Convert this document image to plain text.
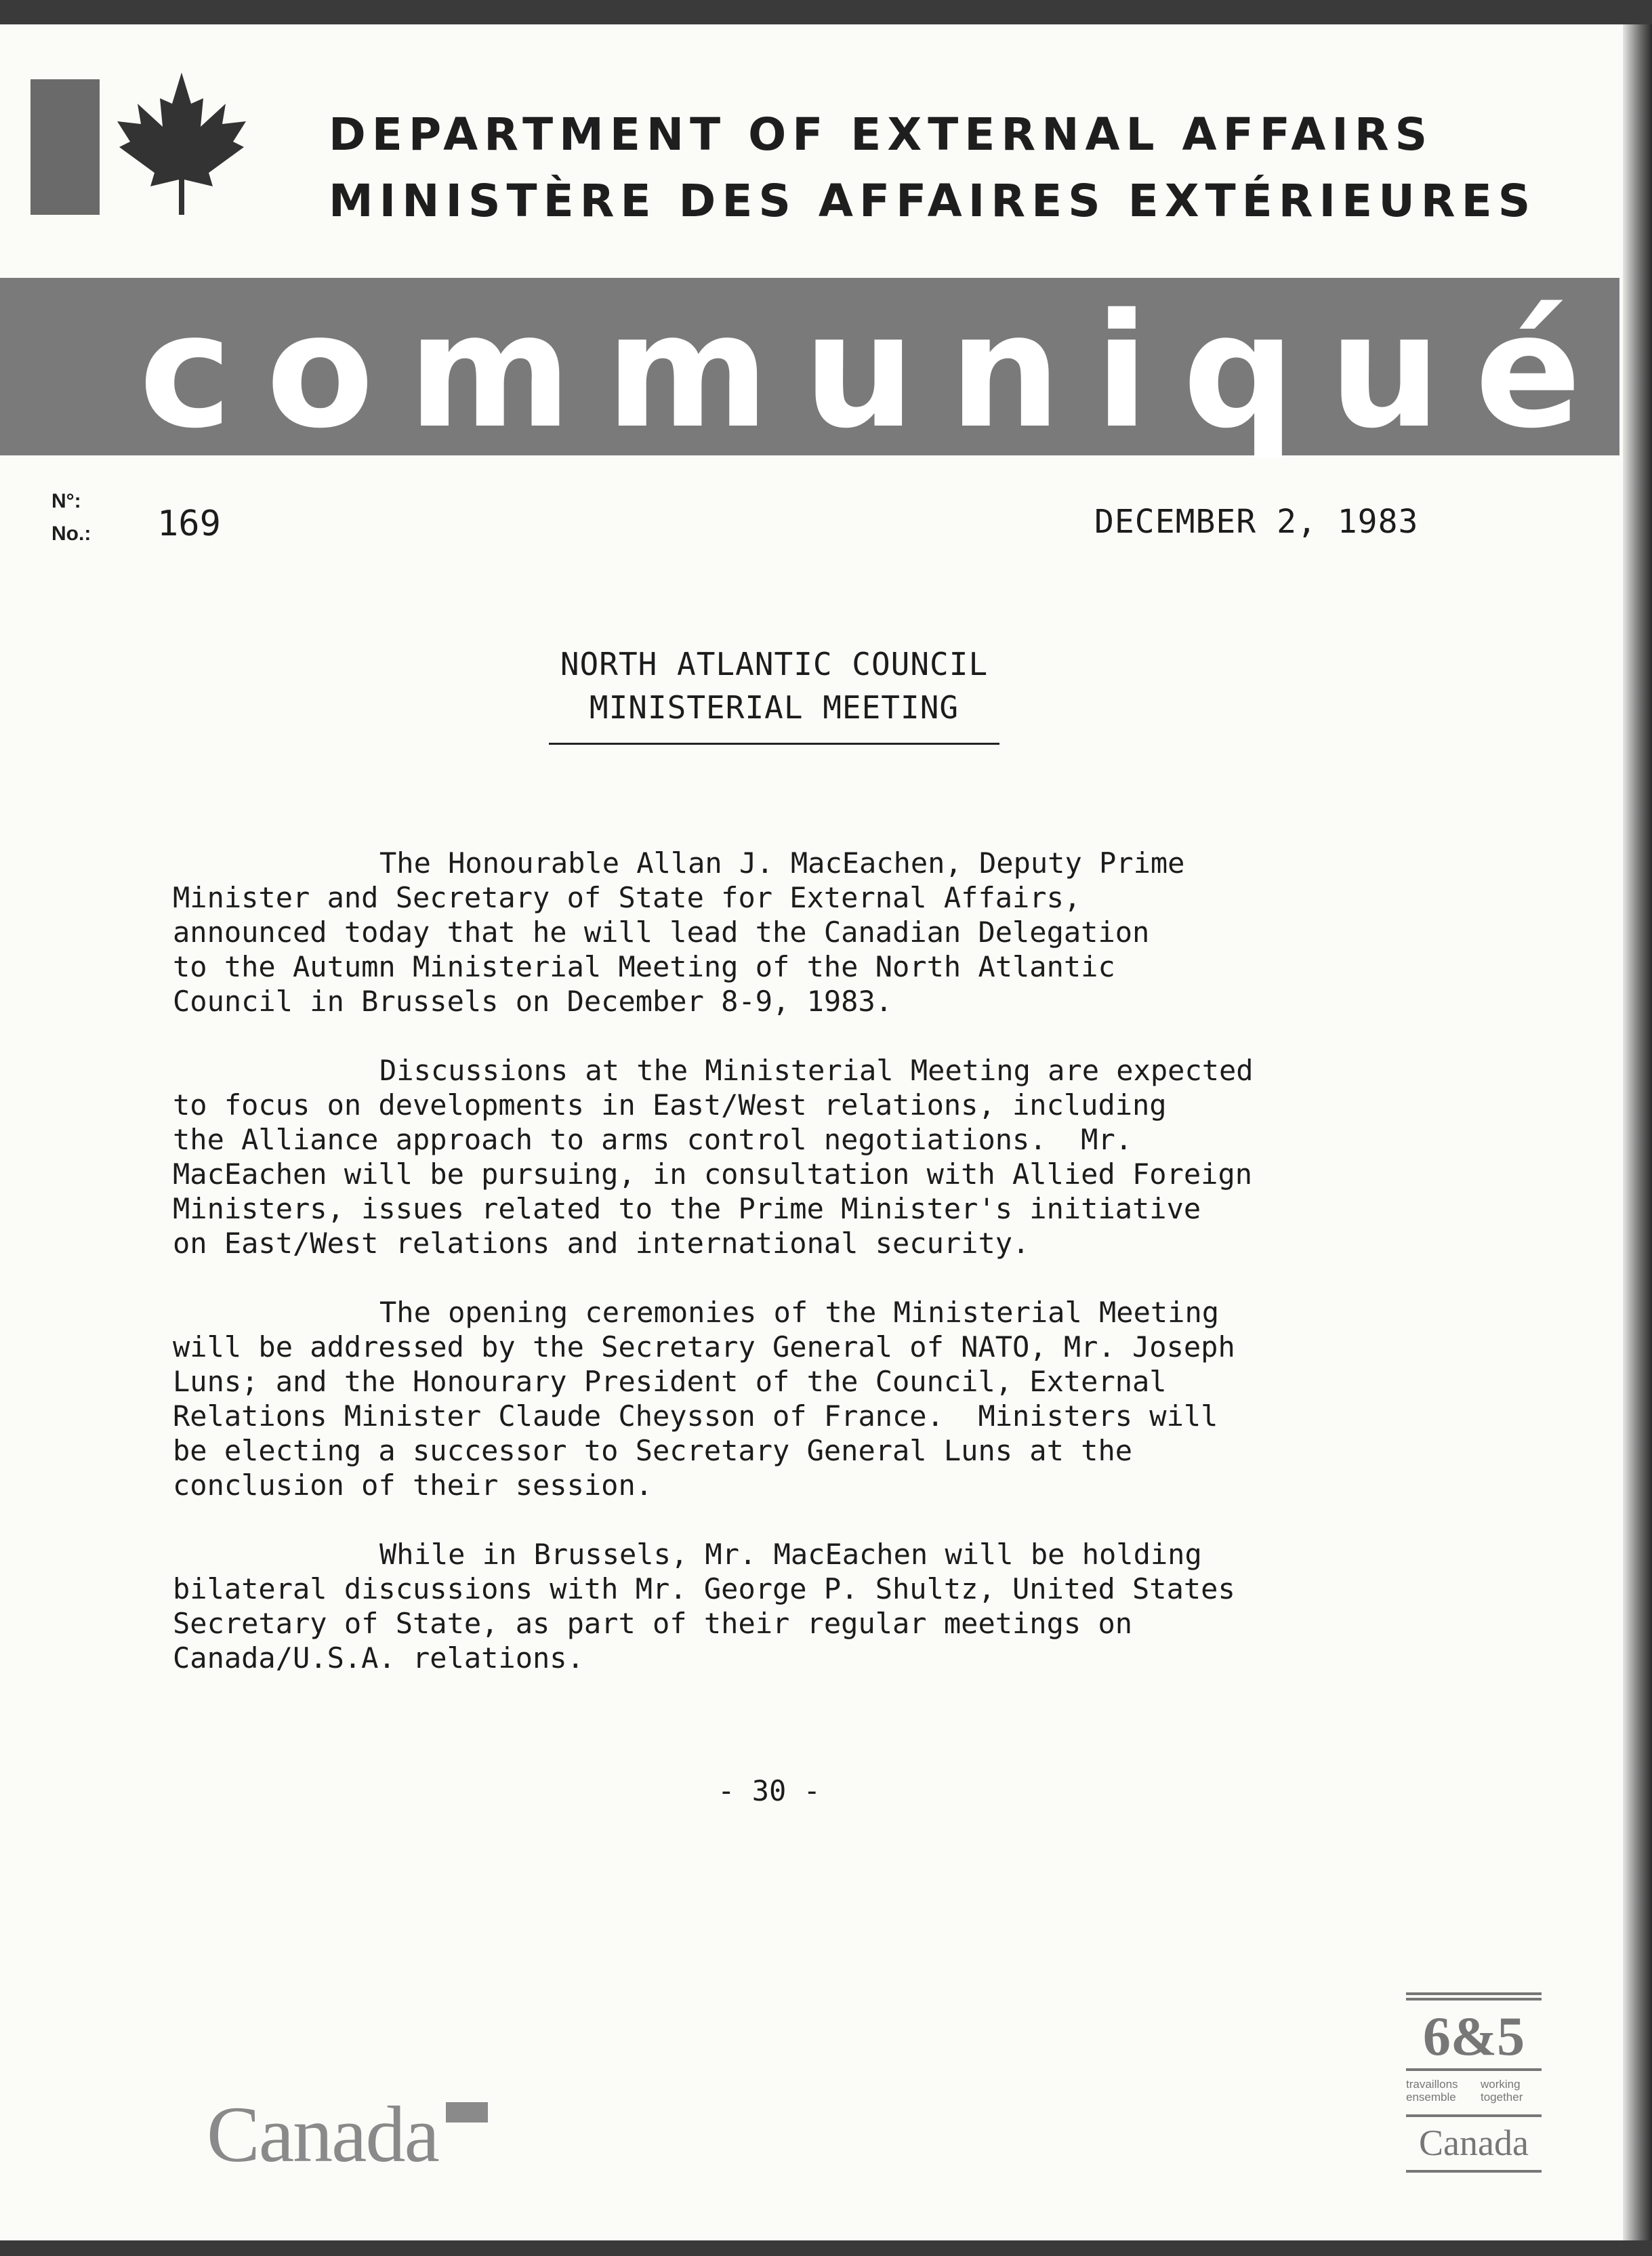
DEPARTMENT OF EXTERNAL AFFAIRS
MINISTÈRE DES AFFAIRES EXTÉRIEURES
communiqué
N°:
No.: 169	DECEMBER 2, 1983
NORTH ATLANTIC COUNCIL
MINISTERIAL MEETING
The Honourable Allan J. MacEachen, Deputy Prime
Minister and Secretary of State for External Affairs,
announced today that he will lead the Canadian Delegation
to the Autumn Ministerial Meeting of the North Atlantic
Council in Brussels on December 8-9, 1983.
Discussions at the Ministerial Meeting are expected
to focus on developments in East/West relations, including
the Alliance approach to arms control negotiations.  Mr.
MacEachen will be pursuing, in consultation with Allied Foreign
Ministers, issues related to the Prime Minister's initiative
on East/West relations and international security.
The opening ceremonies of the Ministerial Meeting
will be addressed by the Secretary General of NATO, Mr. Joseph
Luns; and the Honourary President of the Council, External
Relations Minister Claude Cheysson of France.  Ministers will
be electing a successor to Secretary General Luns at the
conclusion of their session.
While in Brussels, Mr. MacEachen will be holding
bilateral discussions with Mr. George P. Shultz, United States
Secretary of State, as part of their regular meetings on
Canada/U.S.A. relations.
- 30 -
Canada
6&5
travaillons ensemble
working together
Canada
